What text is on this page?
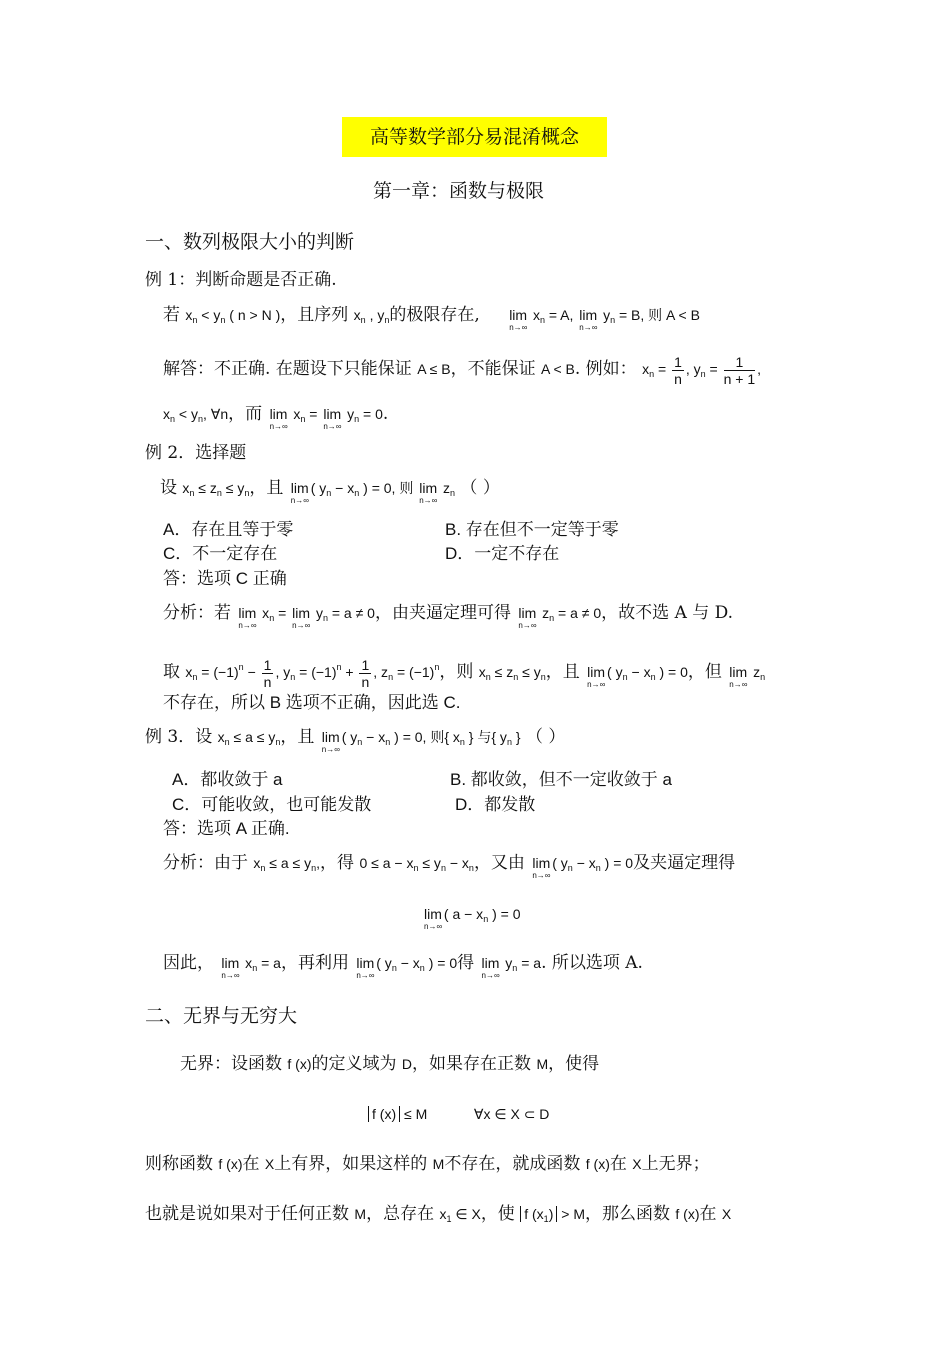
高等数学部分易混淆概念
第一章：函数与极限
一、数列极限大小的判断
例 1：判断命题是否正确.
若 $x_n < y_n$ ( n > N )，且序列 $x_n$ , $y_n$的极限存在, lim
n→∞
$x_n = A$, lim
n→∞
$y_n = B$, 则 A < B
解答：不正确. 在题设下只能保证 A ≤ B，不能保证 A < B. 例如： $x_n = \frac{1}{n}$ , $y_n = \frac{1}{n + 1}$ ,
$x_n < y_n$, ∀n，而 lim
n→∞
$x_n = \lim$
n→∞
$y_n = 0$.
例 2．选择题
设 $x_n \le z_n \le y_n$，且 lim
n→∞
( $y_n - x_n$ ) = 0, 则 lim
n→∞
$z_n$ （ ）
A．存在且等于零	B. 存在但不一定等于零
C．不一定存在	D．一定不存在
答：选项 C 正确
分析：若 lim
n→∞
$x_n = \lim$
n→∞
$y_n = a \ne 0$，由夹逼定理可得 lim
n→∞
$z_n = a \ne 0$，故不选 A 与 D.
取 $x_n = (-1)^n - \frac{1}{n}$ , $y_n = (-1)^n + \frac{1}{n}$ , $z_n = (-1)^n$，则 $x_n \le z_n \le y_n$，且 lim
n→∞
( $y_n - x_n$ ) = 0，但 lim
n→∞
$z_n$
不存在，所以 B 选项不正确，因此选 C.
例 3．设 $x_n \le a \le y_n$，且 lim
n→∞
( $y_n - x_n$ ) = 0, 则{ $x_n$ } 与{ $y_n$ } （ ）
A．都收敛于 a	B. 都收敛，但不一定收敛于 a
C．可能收敛，也可能发散	D．都发散
答：选项 A 正确.
分析：由于 $x_n \le a \le y_n$,，得 $0 \le a - x_n \le y_n - x_n$，又由 lim
n→∞
( $y_n - x_n$ ) = 0及夹逼定理得
lim
n→∞
( $a - x_n$ ) = 0
因此， lim
n→∞
$x_n = a$，再利用 lim
n→∞
( $y_n - x_n$ ) = 0得 lim
n→∞
$y_n = a$. 所以选项 A.
二、无界与无穷大
无界：设函数 f (x)的定义域为 D，如果存在正数 M，使得
f (x) ≤ M            ∀x ∈ X ⊂ D
则称函数 f (x)在 X上有界，如果这样的 M不存在，就成函数 f (x)在 X上无界；
也就是说如果对于任何正数 M，总存在 $x_1$ ∈ X，使 f $(x_1) > M$，那么函数 f (x)在 X
